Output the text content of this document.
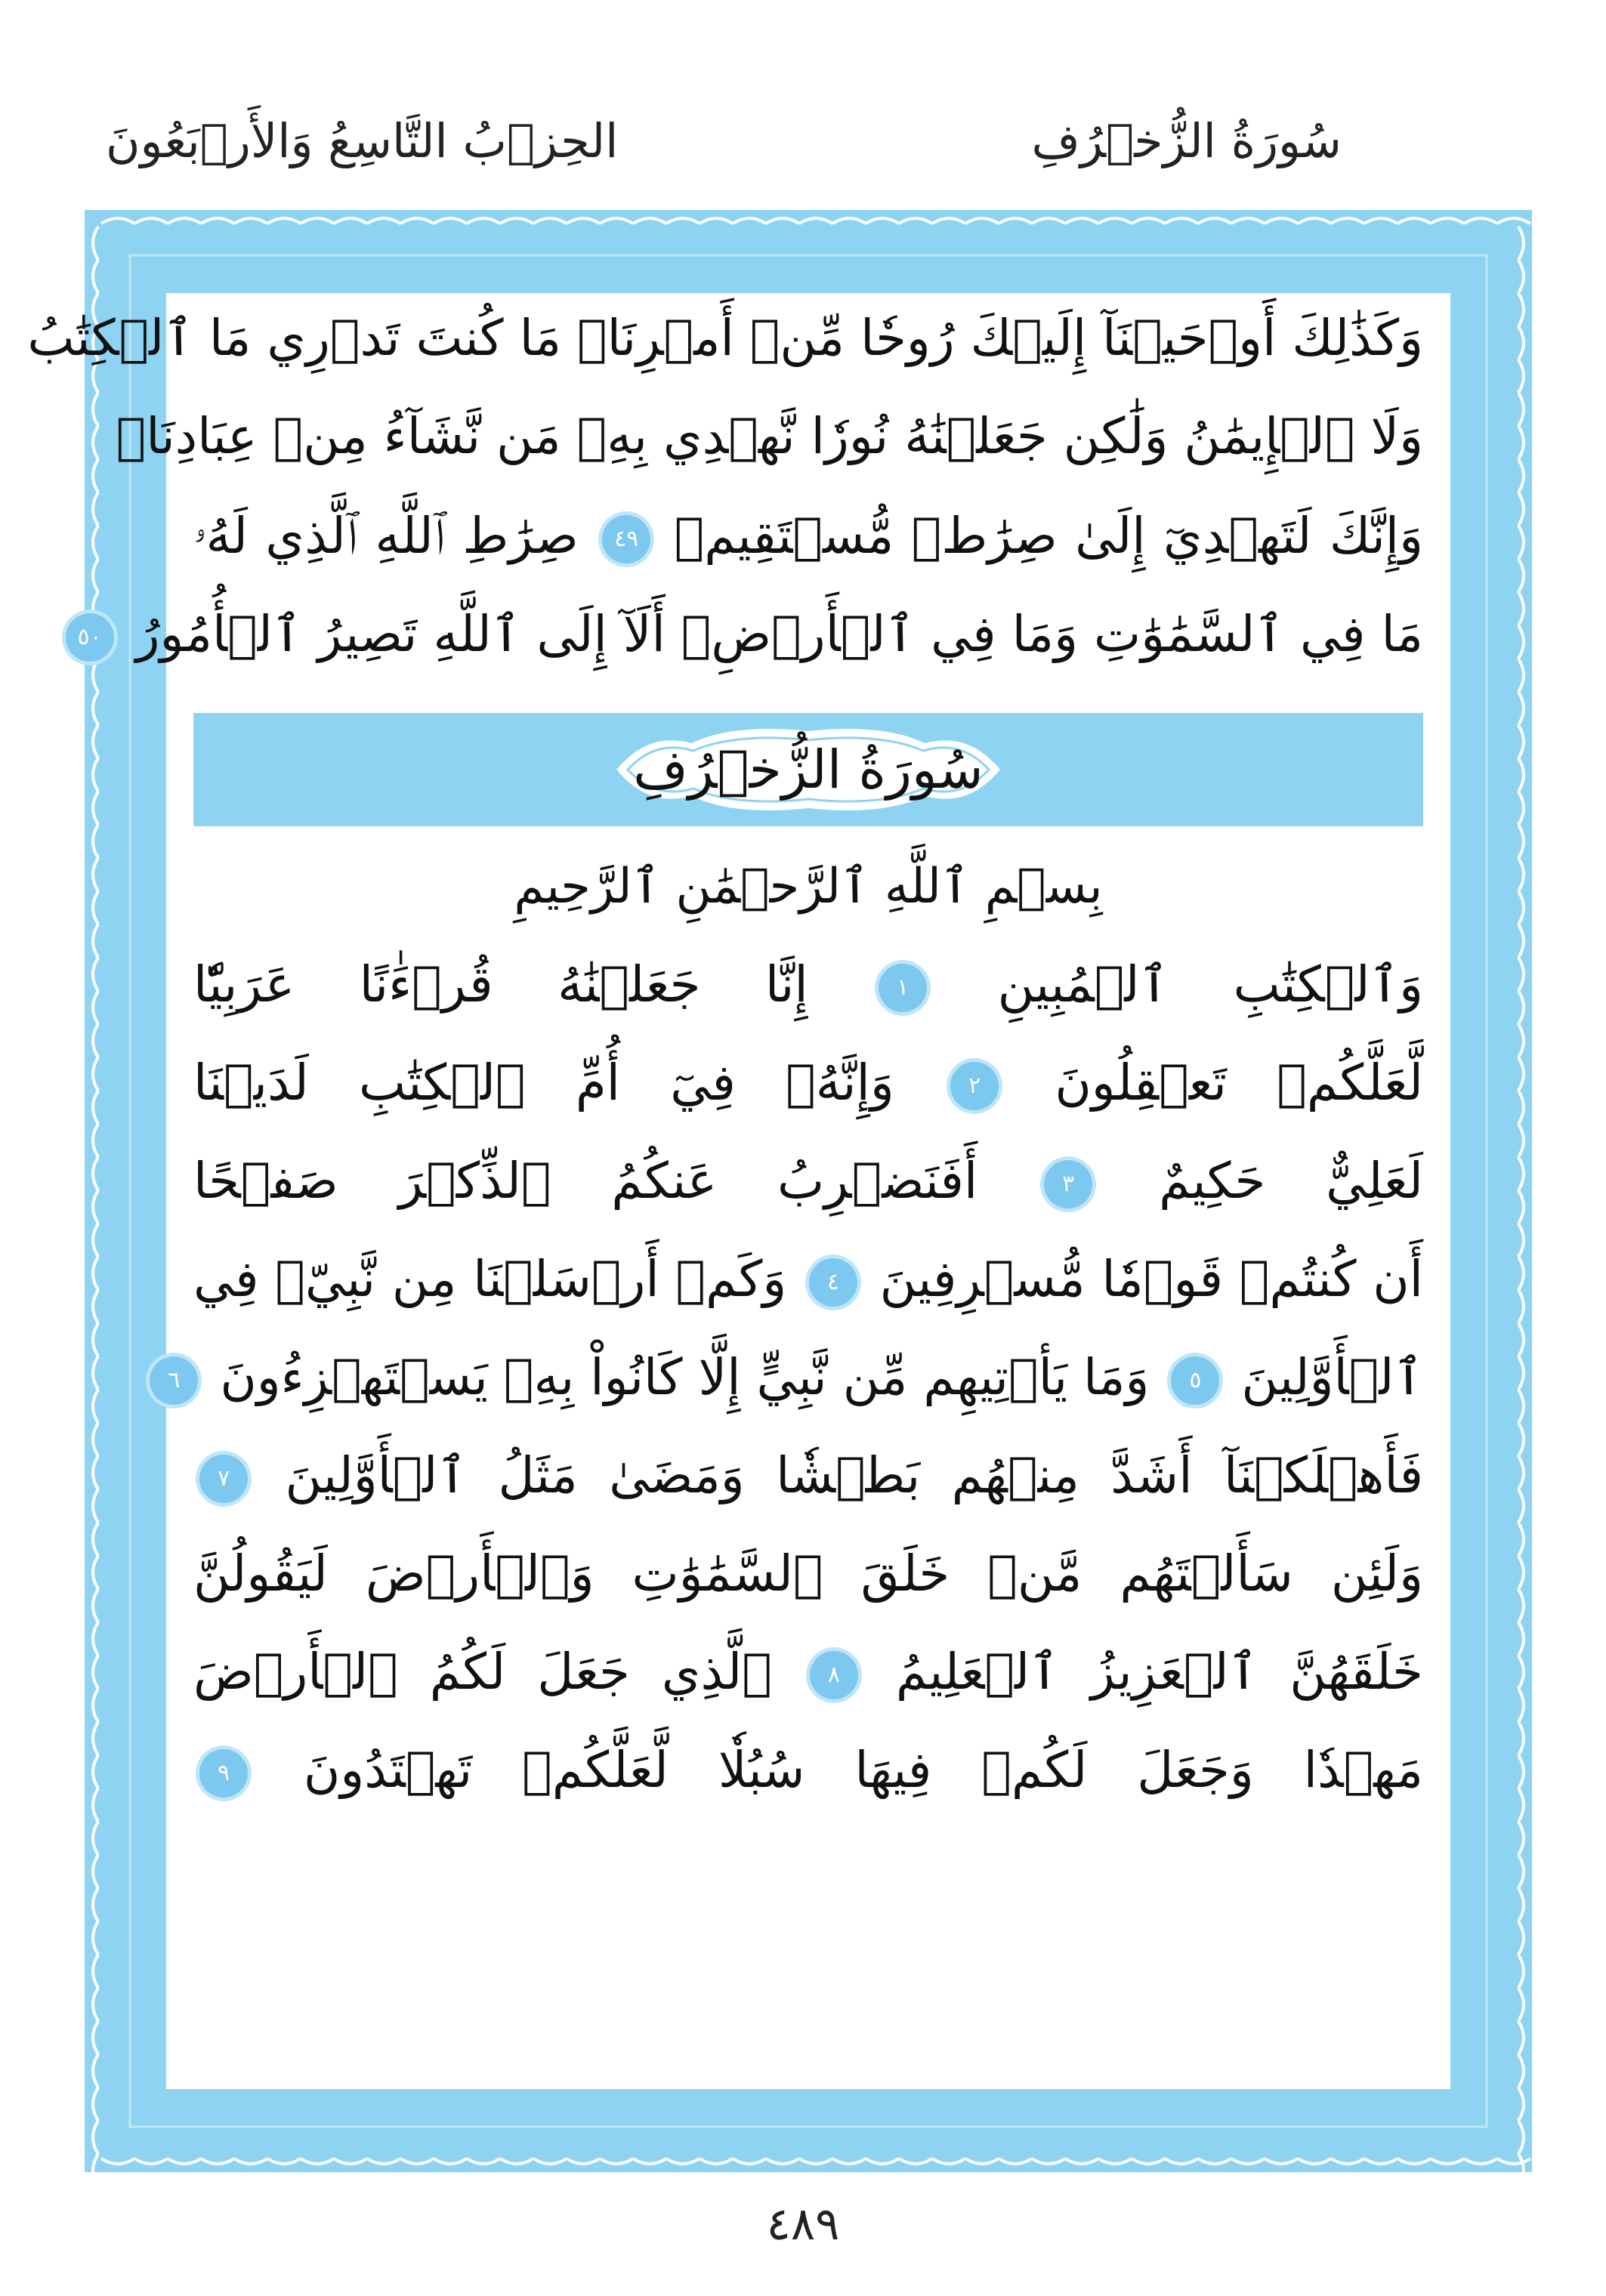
سُورَةُ الزُّخۡرُفِ
الحِزۡبُ التَّاسِعُ وَالأَرۡبَعُونَ
وَكَذَٰلِكَ أَوۡحَيۡنَآ إِلَيۡكَ رُوحٗا مِّنۡ أَمۡرِنَاۚ مَا كُنتَ تَدۡرِي مَا ٱلۡكِتَٰبُ
وَلَا ٱلۡإِيمَٰنُ وَلَٰكِن جَعَلۡنَٰهُ نُورٗا نَّهۡدِي بِهِۦ مَن نَّشَآءُ مِنۡ عِبَادِنَاۚ
وَإِنَّكَ لَتَهۡدِيٓ إِلَىٰ صِرَٰطٖ مُّسۡتَقِيمٖ ٤٩ صِرَٰطِ ٱللَّهِ ٱلَّذِي لَهُۥ
مَا فِي ٱلسَّمَٰوَٰتِ وَمَا فِي ٱلۡأَرۡضِۗ أَلَآ إِلَى ٱللَّهِ تَصِيرُ ٱلۡأُمُورُ ٥٠
سُورَةُ الزُّخۡرُفِ
بِسۡمِ ٱللَّهِ ٱلرَّحۡمَٰنِ ٱلرَّحِيمِ
وَٱلۡكِتَٰبِ ٱلۡمُبِينِ ١ إِنَّا جَعَلۡنَٰهُ قُرۡءَٰنًا عَرَبِيّٗا
لَّعَلَّكُمۡ تَعۡقِلُونَ ٢ وَإِنَّهُۥ فِيٓ أُمِّ ٱلۡكِتَٰبِ لَدَيۡنَا
لَعَلِيٌّ حَكِيمٌ ٣ أَفَنَضۡرِبُ عَنكُمُ ٱلذِّكۡرَ صَفۡحًا
أَن كُنتُمۡ قَوۡمٗا مُّسۡرِفِينَ ٤ وَكَمۡ أَرۡسَلۡنَا مِن نَّبِيّٖ فِي
ٱلۡأَوَّلِينَ ٥ وَمَا يَأۡتِيهِم مِّن نَّبِيٍّ إِلَّا كَانُواْ بِهِۦ يَسۡتَهۡزِءُونَ ٦
فَأَهۡلَكۡنَآ أَشَدَّ مِنۡهُم بَطۡشٗا وَمَضَىٰ مَثَلُ ٱلۡأَوَّلِينَ ٧
وَلَئِن سَأَلۡتَهُم مَّنۡ خَلَقَ ٱلسَّمَٰوَٰتِ وَٱلۡأَرۡضَ لَيَقُولُنَّ
خَلَقَهُنَّ ٱلۡعَزِيزُ ٱلۡعَلِيمُ ٨ ٱلَّذِي جَعَلَ لَكُمُ ٱلۡأَرۡضَ
مَهۡدٗا وَجَعَلَ لَكُمۡ فِيهَا سُبُلٗا لَّعَلَّكُمۡ تَهۡتَدُونَ ٩
٤٨٩
